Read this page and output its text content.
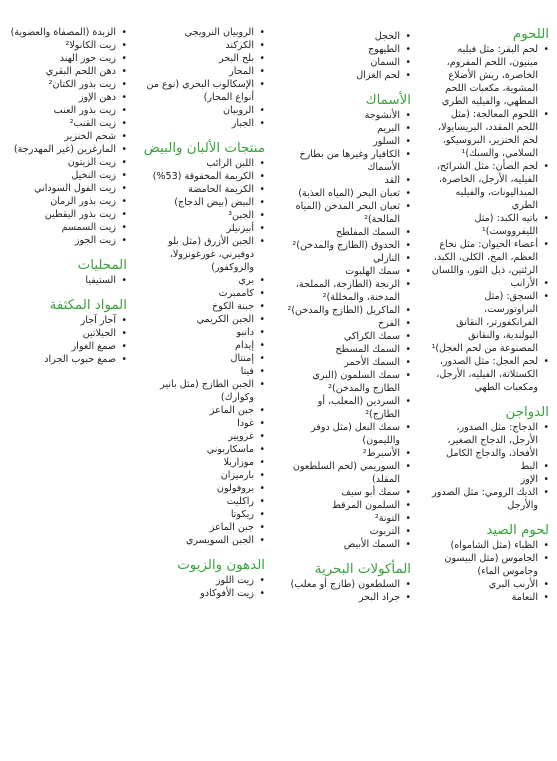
اللحوم
• لحم البقر: مثل فيليه مينيون، اللحم المفروم، الخاصرة، ريش الأضلاع المشوية، مكعبات اللحم المطهي، والفيليه الطري
• اللحوم المعالجة: (مثل اللحم المقدد، البريسايولا، لحم الخنزير، البروسيكو، السلامي، والسبك)¹
• لحم الضأن: مثل الشرائح، الفيليه، الأرجل، الخاصرة، الميداليونات، والفيليه الطري
• باتيه الكبد: (مثل الليفرووست)¹
• أعضاء الحيوان: مثل نخاع العظم، المخ، الكلى، الكبد، الرئتين، ذيل الثور، واللسان
• الأرانب
• السجق: (مثل البراوتورست، الفرانكفورتر، النقانق البولندية، والنقانق المصنوعة من لحم العجل)¹
• لحم العجل: مثل الصدور، الكستلاتة، الفيليه، الأرجل، ومكعبات الطهي
الدواجن
• الدجاج: مثل الصدور، الأرجل، الدجاج الصغير، الأفخاذ، والدجاج الكامل
• البط
• الإوز
• الديك الرومي: مثل الصدور والأرجل
لحوم الصيد
• الظباء (مثل الشامواه)
• الجاموس (مثل البيسون وجاموس الماء)
• الأرنب البري
• النعامة
• الحجل
• الطيهوج
• السمان
• لحم الغزال
الأسماك
• الأنشوجة
• البريم
• السلور
• الكافيار وغيرها من بطارخ الأسماك
• القد
• ثعبان البحر (المياه العذبة)
• ثعبان البحر المدخن (المياه المالحة)²
• السمك المفلطح
• الحدوق (الطازج والمدخن)²
• النازلي
• سمك الهلبوت
• الرنجة (الطازجة، المملحة، المدخنة، والمخللة)²
• الماكريل (الطازج والمدخن)²
• الفرخ
• سمك الكراكي
• السمك المسطح
• السمك الأحمر
• سمك السلمون (البري الطازج والمدخن)²
• السردين (المعلب، أو الطازج)²
• سمك النعل (مثل دوفر والليمون)
• الأسبرط²
• السوريمي (لحم السلطعون المقلد)
• سمك أبو سيف
• السلمون المرقط
• التونة²
• التربوت
• السمك الأبيض
المأكولات البحرية
• السلطعون (طازج أو معلب)
• جراد البحر
• الروبيان النرويجي
• الكركند
• بلح البحر
• المحار
• الإسكالوب البحري (نوع من أنواع المحار)
• الروبيان
• الجبار
منتجات الألبان والبيض
• اللبن الرائب
• الكريمة المخفوقة (53%)
• الكريمة الحامضة
• البيض (بيض الدجاج)
• الجبن³
• أبيزنيلر
• الجبن الأزرق (مثل بلو دوفيرني، غورغونزولا، والروكفور)
• بري
• كاممبرت
• جبنة الكوخ
• الجبن الكريمي
• دانبو
• إيدام
• إمنتال
• فيتا
• الجبن الطازج (مثل بانير وكوارك)
• جبن الماعز
• غودا
• غرويير
• ماسكاربوني
• موزاريلا
• بارميزان
• بروفولون
• راكليت
• ريكوتا
• جبن الماعز
• الجبن السويسري
الدهون والزيوت
• زيت اللوز
• زيت الأفوكادو
• الزبدة (المصفاة والعضوية)
• زيت الكانولا²
• زيت جوز الهند
• دهن اللحم البقري
• زيت بذور الكتان²
• دهن الإوز
• زيت بذور العنب
• زيت القنب²
• شحم الخنزير
• المارغرين (غير المهدرجة)
• زيت الزيتون
• زيت النخيل
• زيت الفول السوداني
• زيت بذور الرمان
• زيت بذور اليقطين
• زيت السمسم
• زيت الجوز
المحليات
• الستيفيا
المواد المكثفة
• آجار آجار
• الجيلاتين
• صمغ الغوار
• صمغ حبوب الجراد
